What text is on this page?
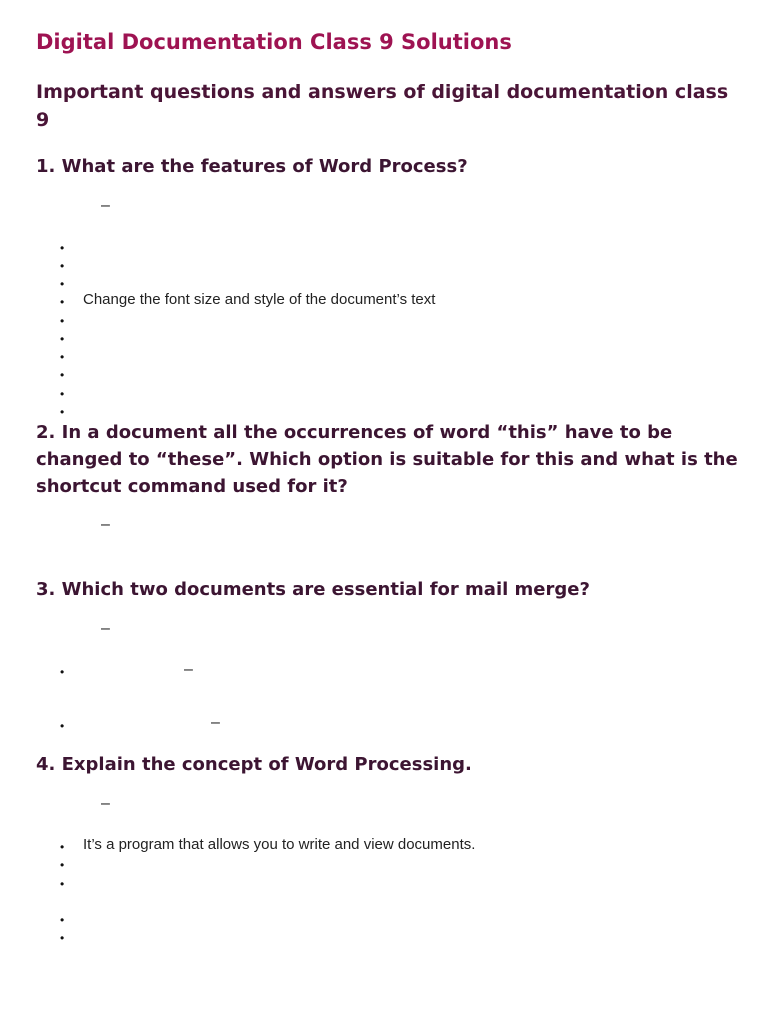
Digital Documentation Class 9 Solutions
Important questions and answers of digital documentation class 9
1. What are the features of Word Process?
–
•
•
•
• Change the font size and style of the document’s text
•
•
•
•
•
•
2. In a document all the occurrences of word “this” have to be changed to “these”. Which option is suitable for this and what is the shortcut command used for it?
–
3. Which two documents are essential for mail merge?
–
•	–
•	–
4. Explain the concept of Word Processing.
–
• It’s a program that allows you to write and view documents.
•
•
•
•
